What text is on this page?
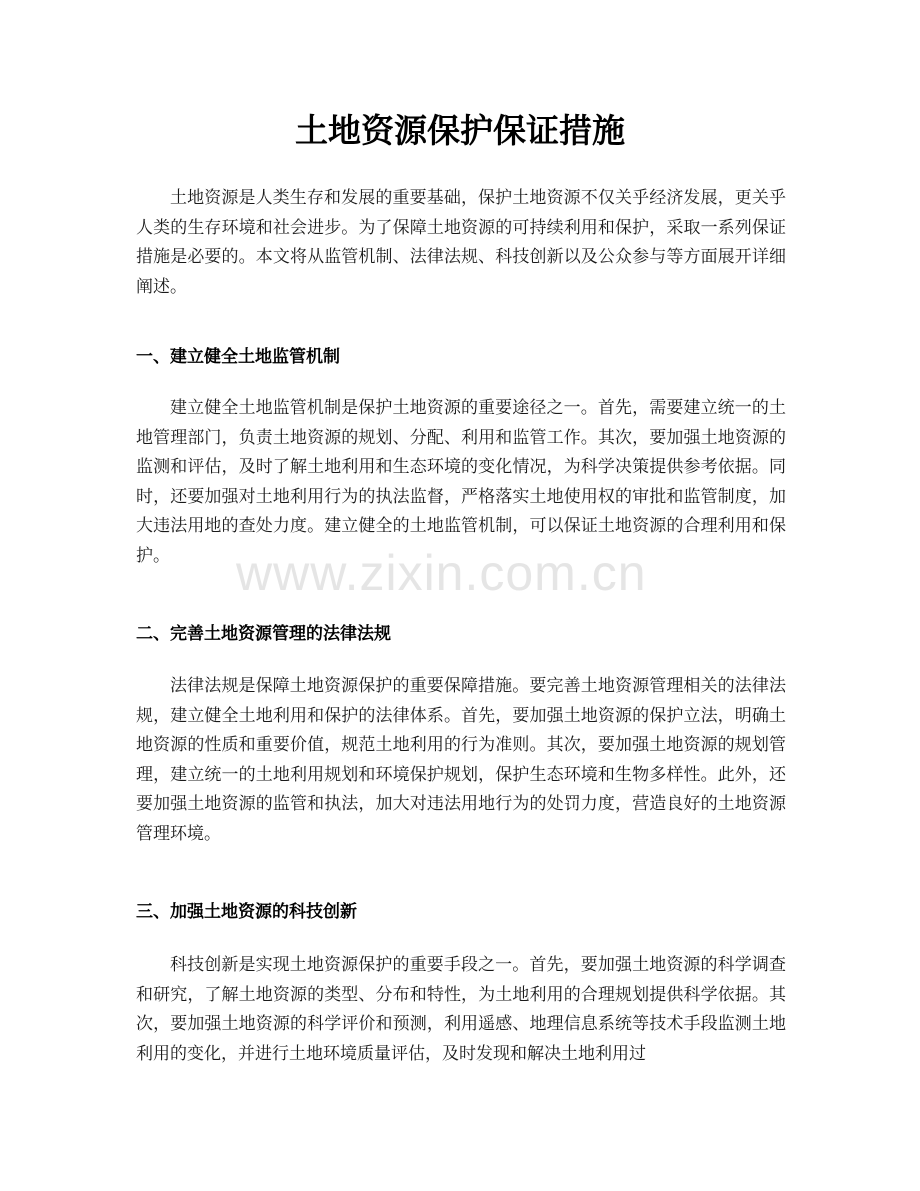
土地资源保护保证措施

土地资源是人类生存和发展的重要基础，保护土地资源不仅关乎经济发展，更关乎人类的生存环境和社会进步。为了保障土地资源的可持续利用和保护，采取一系列保证措施是必要的。本文将从监管机制、法律法规、科技创新以及公众参与等方面展开详细阐述。

一、建立健全土地监管机制

建立健全土地监管机制是保护土地资源的重要途径之一。首先，需要建立统一的土地管理部门，负责土地资源的规划、分配、利用和监管工作。其次，要加强土地资源的监测和评估，及时了解土地利用和生态环境的变化情况，为科学决策提供参考依据。同时，还要加强对土地利用行为的执法监督，严格落实土地使用权的审批和监管制度，加大违法用地的查处力度。建立健全的土地监管机制，可以保证土地资源的合理利用和保护。

二、完善土地资源管理的法律法规

法律法规是保障土地资源保护的重要保障措施。要完善土地资源管理相关的法律法规，建立健全土地利用和保护的法律体系。首先，要加强土地资源的保护立法，明确土地资源的性质和重要价值，规范土地利用的行为准则。其次，要加强土地资源的规划管理，建立统一的土地利用规划和环境保护规划，保护生态环境和生物多样性。此外，还要加强土地资源的监管和执法，加大对违法用地行为的处罚力度，营造良好的土地资源管理环境。

三、加强土地资源的科技创新

科技创新是实现土地资源保护的重要手段之一。首先，要加强土地资源的科学调查和研究，了解土地资源的类型、分布和特性，为土地利用的合理规划提供科学依据。其次，要加强土地资源的科学评价和预测，利用遥感、地理信息系统等技术手段监测土地利用的变化，并进行土地环境质量评估，及时发现和解决土地利用过

www.zixin.com.cn
